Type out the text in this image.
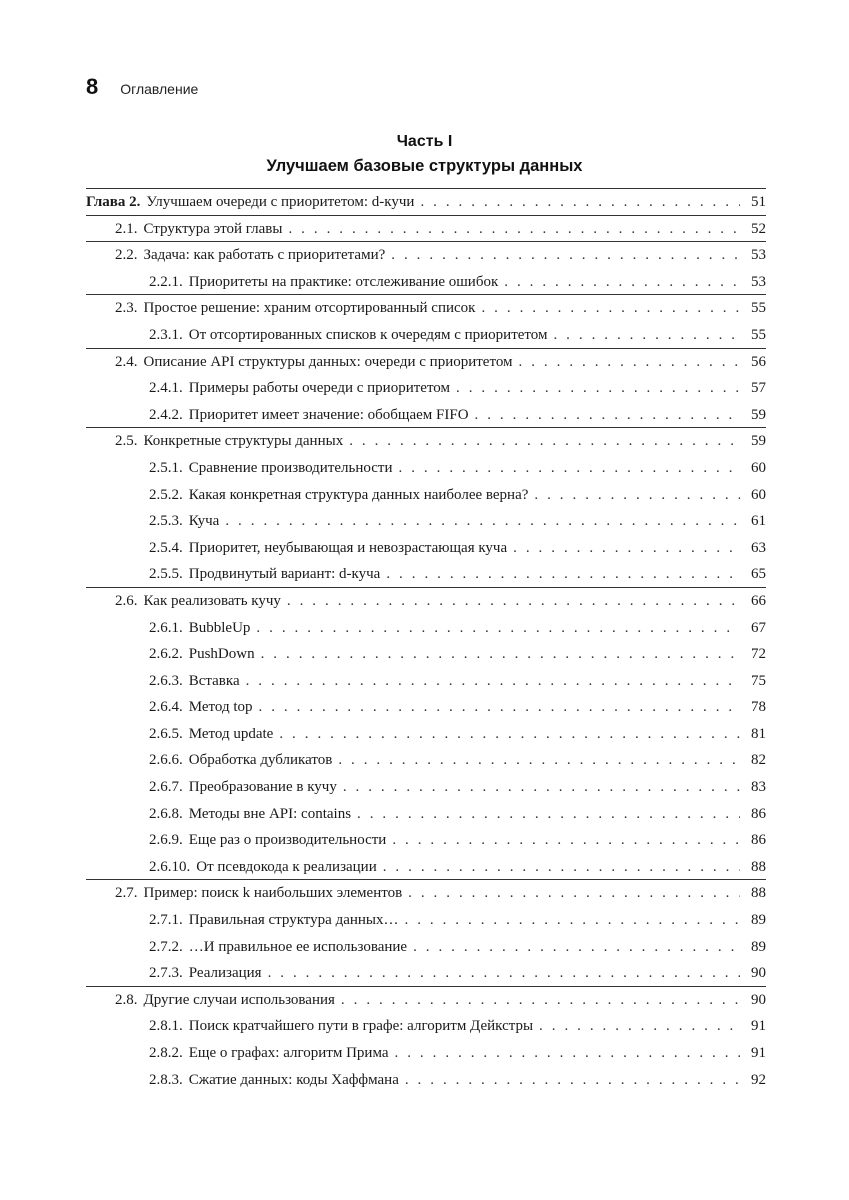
8 Оглавление
Часть I
Улучшаем базовые структуры данных
Глава 2. Улучшаем очереди с приоритетом: d-кучи . . .	51
2.1. Структура этой главы . . .	52
2.2. Задача: как работать с приоритетами? . . .	53
2.2.1. Приоритеты на практике: отслеживание ошибок . . .	53
2.3. Простое решение: храним отсортированный список . . .	55
2.3.1. От отсортированных списков к очередям с приоритетом . . .	55
2.4. Описание API структуры данных: очереди с приоритетом . . .	56
2.4.1. Примеры работы очереди с приоритетом . . .	57
2.4.2. Приоритет имеет значение: обобщаем FIFO . . .	59
2.5. Конкретные структуры данных . . .	59
2.5.1. Сравнение производительности . . .	60
2.5.2. Какая конкретная структура данных наиболее верна? . . .	60
2.5.3. Куча . . .	61
2.5.4. Приоритет, неубывающая и невозрастающая куча . . .	63
2.5.5. Продвинутый вариант: d-куча . . .	65
2.6. Как реализовать кучу . . .	66
2.6.1. BubbleUp . . .	67
2.6.2. PushDown . . .	72
2.6.3. Вставка . . .	75
2.6.4. Метод top . . .	78
2.6.5. Метод update . . .	81
2.6.6. Обработка дубликатов . . .	82
2.6.7. Преобразование в кучу . . .	83
2.6.8. Методы вне API: contains . . .	86
2.6.9. Еще раз о производительности . . .	86
2.6.10. От псевдокода к реализации . . .	88
2.7. Пример: поиск k наибольших элементов . . .	88
2.7.1. Правильная структура данных… . . .	89
2.7.2. …И правильное ее использование . . .	89
2.7.3. Реализация . . .	90
2.8. Другие случаи использования . . .	90
2.8.1. Поиск кратчайшего пути в графе: алгоритм Дейкстры . . .	91
2.8.2. Еще о графах: алгоритм Прима . . .	91
2.8.3. Сжатие данных: коды Хаффмана . . .	92
